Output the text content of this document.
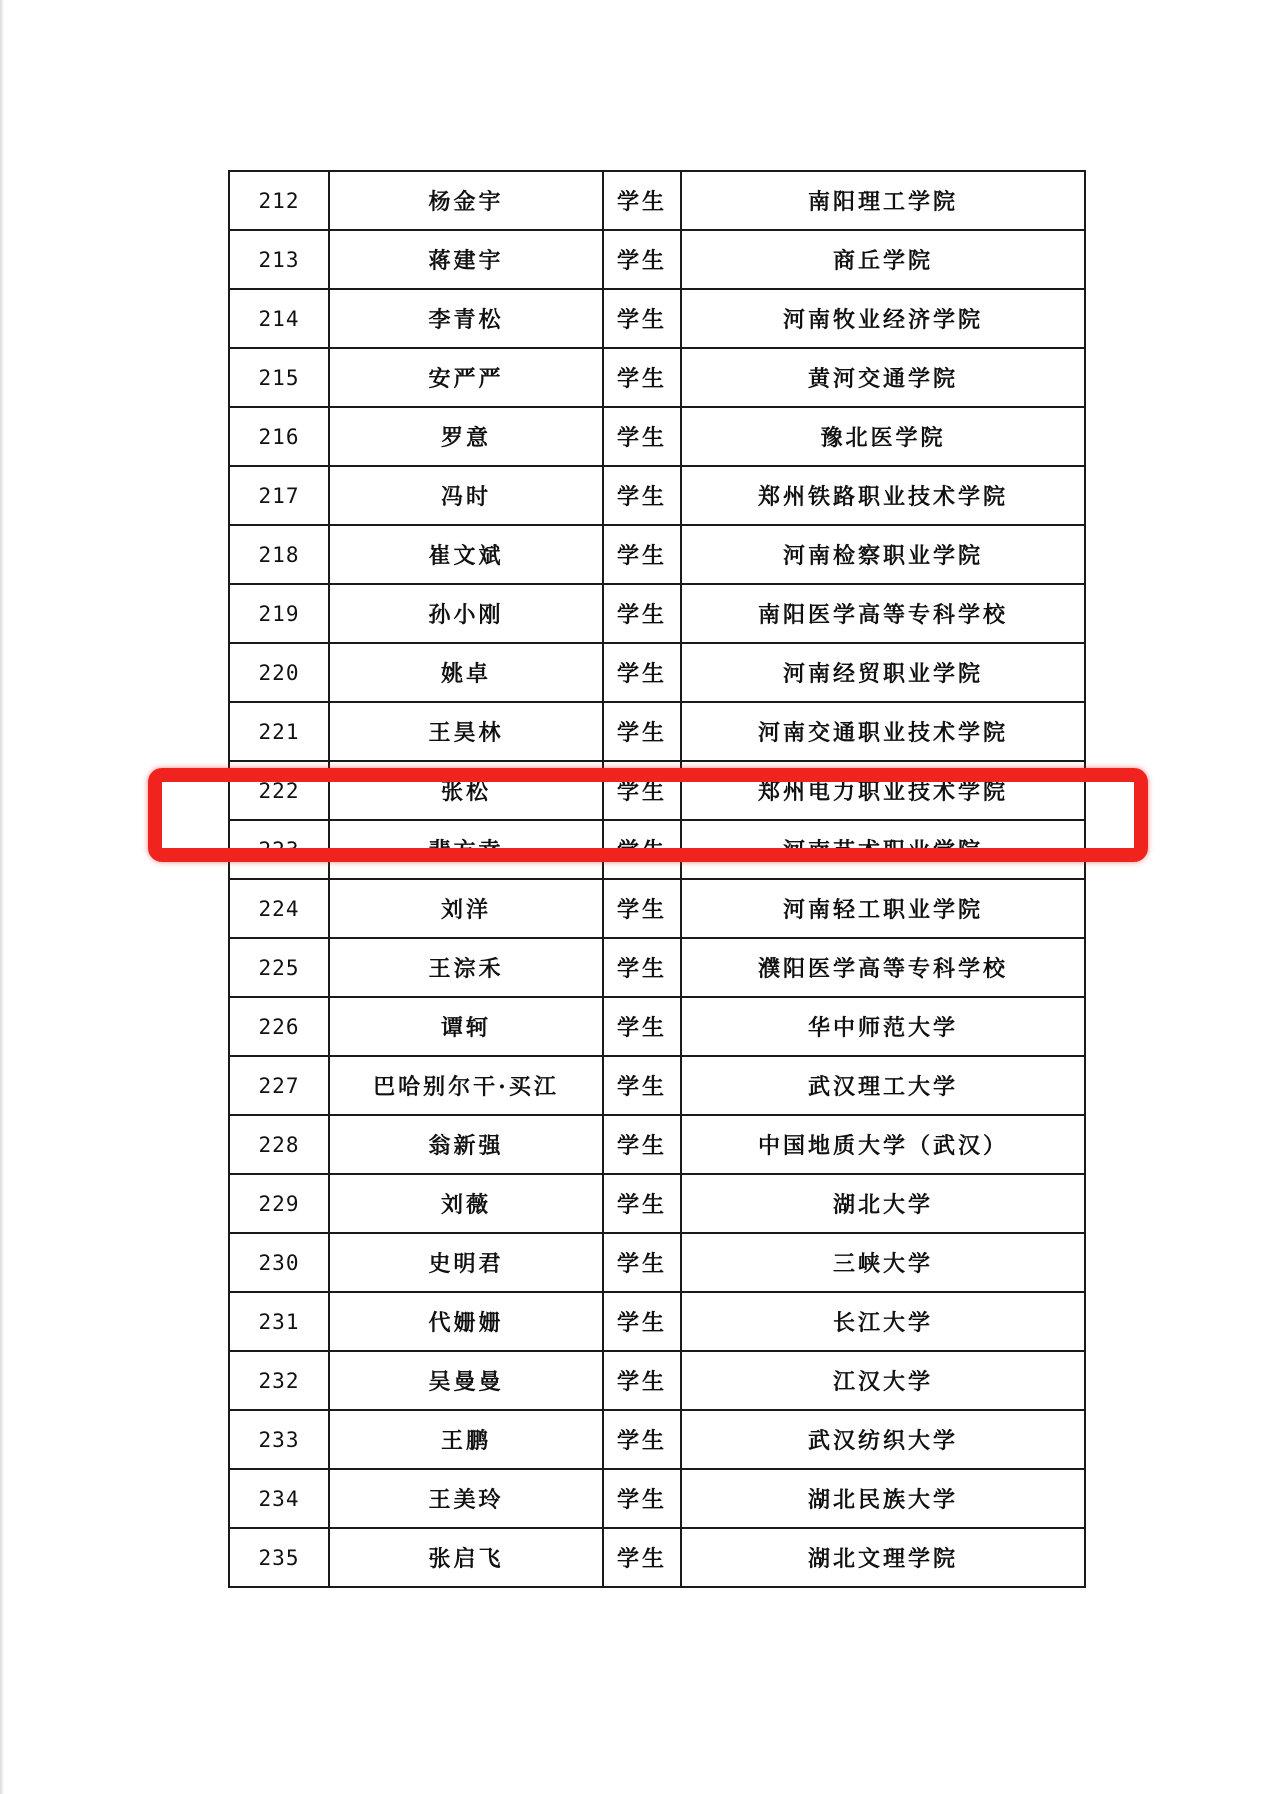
212	杨金宇	学生	南阳理工学院
213	蒋建宇	学生	商丘学院
214	李青松	学生	河南牧业经济学院
215	安严严	学生	黄河交通学院
216	罗意	学生	豫北医学院
217	冯时	学生	郑州铁路职业技术学院
218	崔文斌	学生	河南检察职业学院
219	孙小刚	学生	南阳医学高等专科学校
220	姚卓	学生	河南经贸职业学院
221	王昊林	学生	河南交通职业技术学院
222	张松	学生	郑州电力职业技术学院
223	裴方幸	学生	河南艺术职业学院
224	刘洋	学生	河南轻工职业学院
225	王淙禾	学生	濮阳医学高等专科学校
226	谭轲	学生	华中师范大学
227	巴哈别尔干·买江	学生	武汉理工大学
228	翁新强	学生	中国地质大学（武汉）
229	刘薇	学生	湖北大学
230	史明君	学生	三峡大学
231	代姗姗	学生	长江大学
232	吴曼曼	学生	江汉大学
233	王鹏	学生	武汉纺织大学
234	王美玲	学生	湖北民族大学
235	张启飞	学生	湖北文理学院
